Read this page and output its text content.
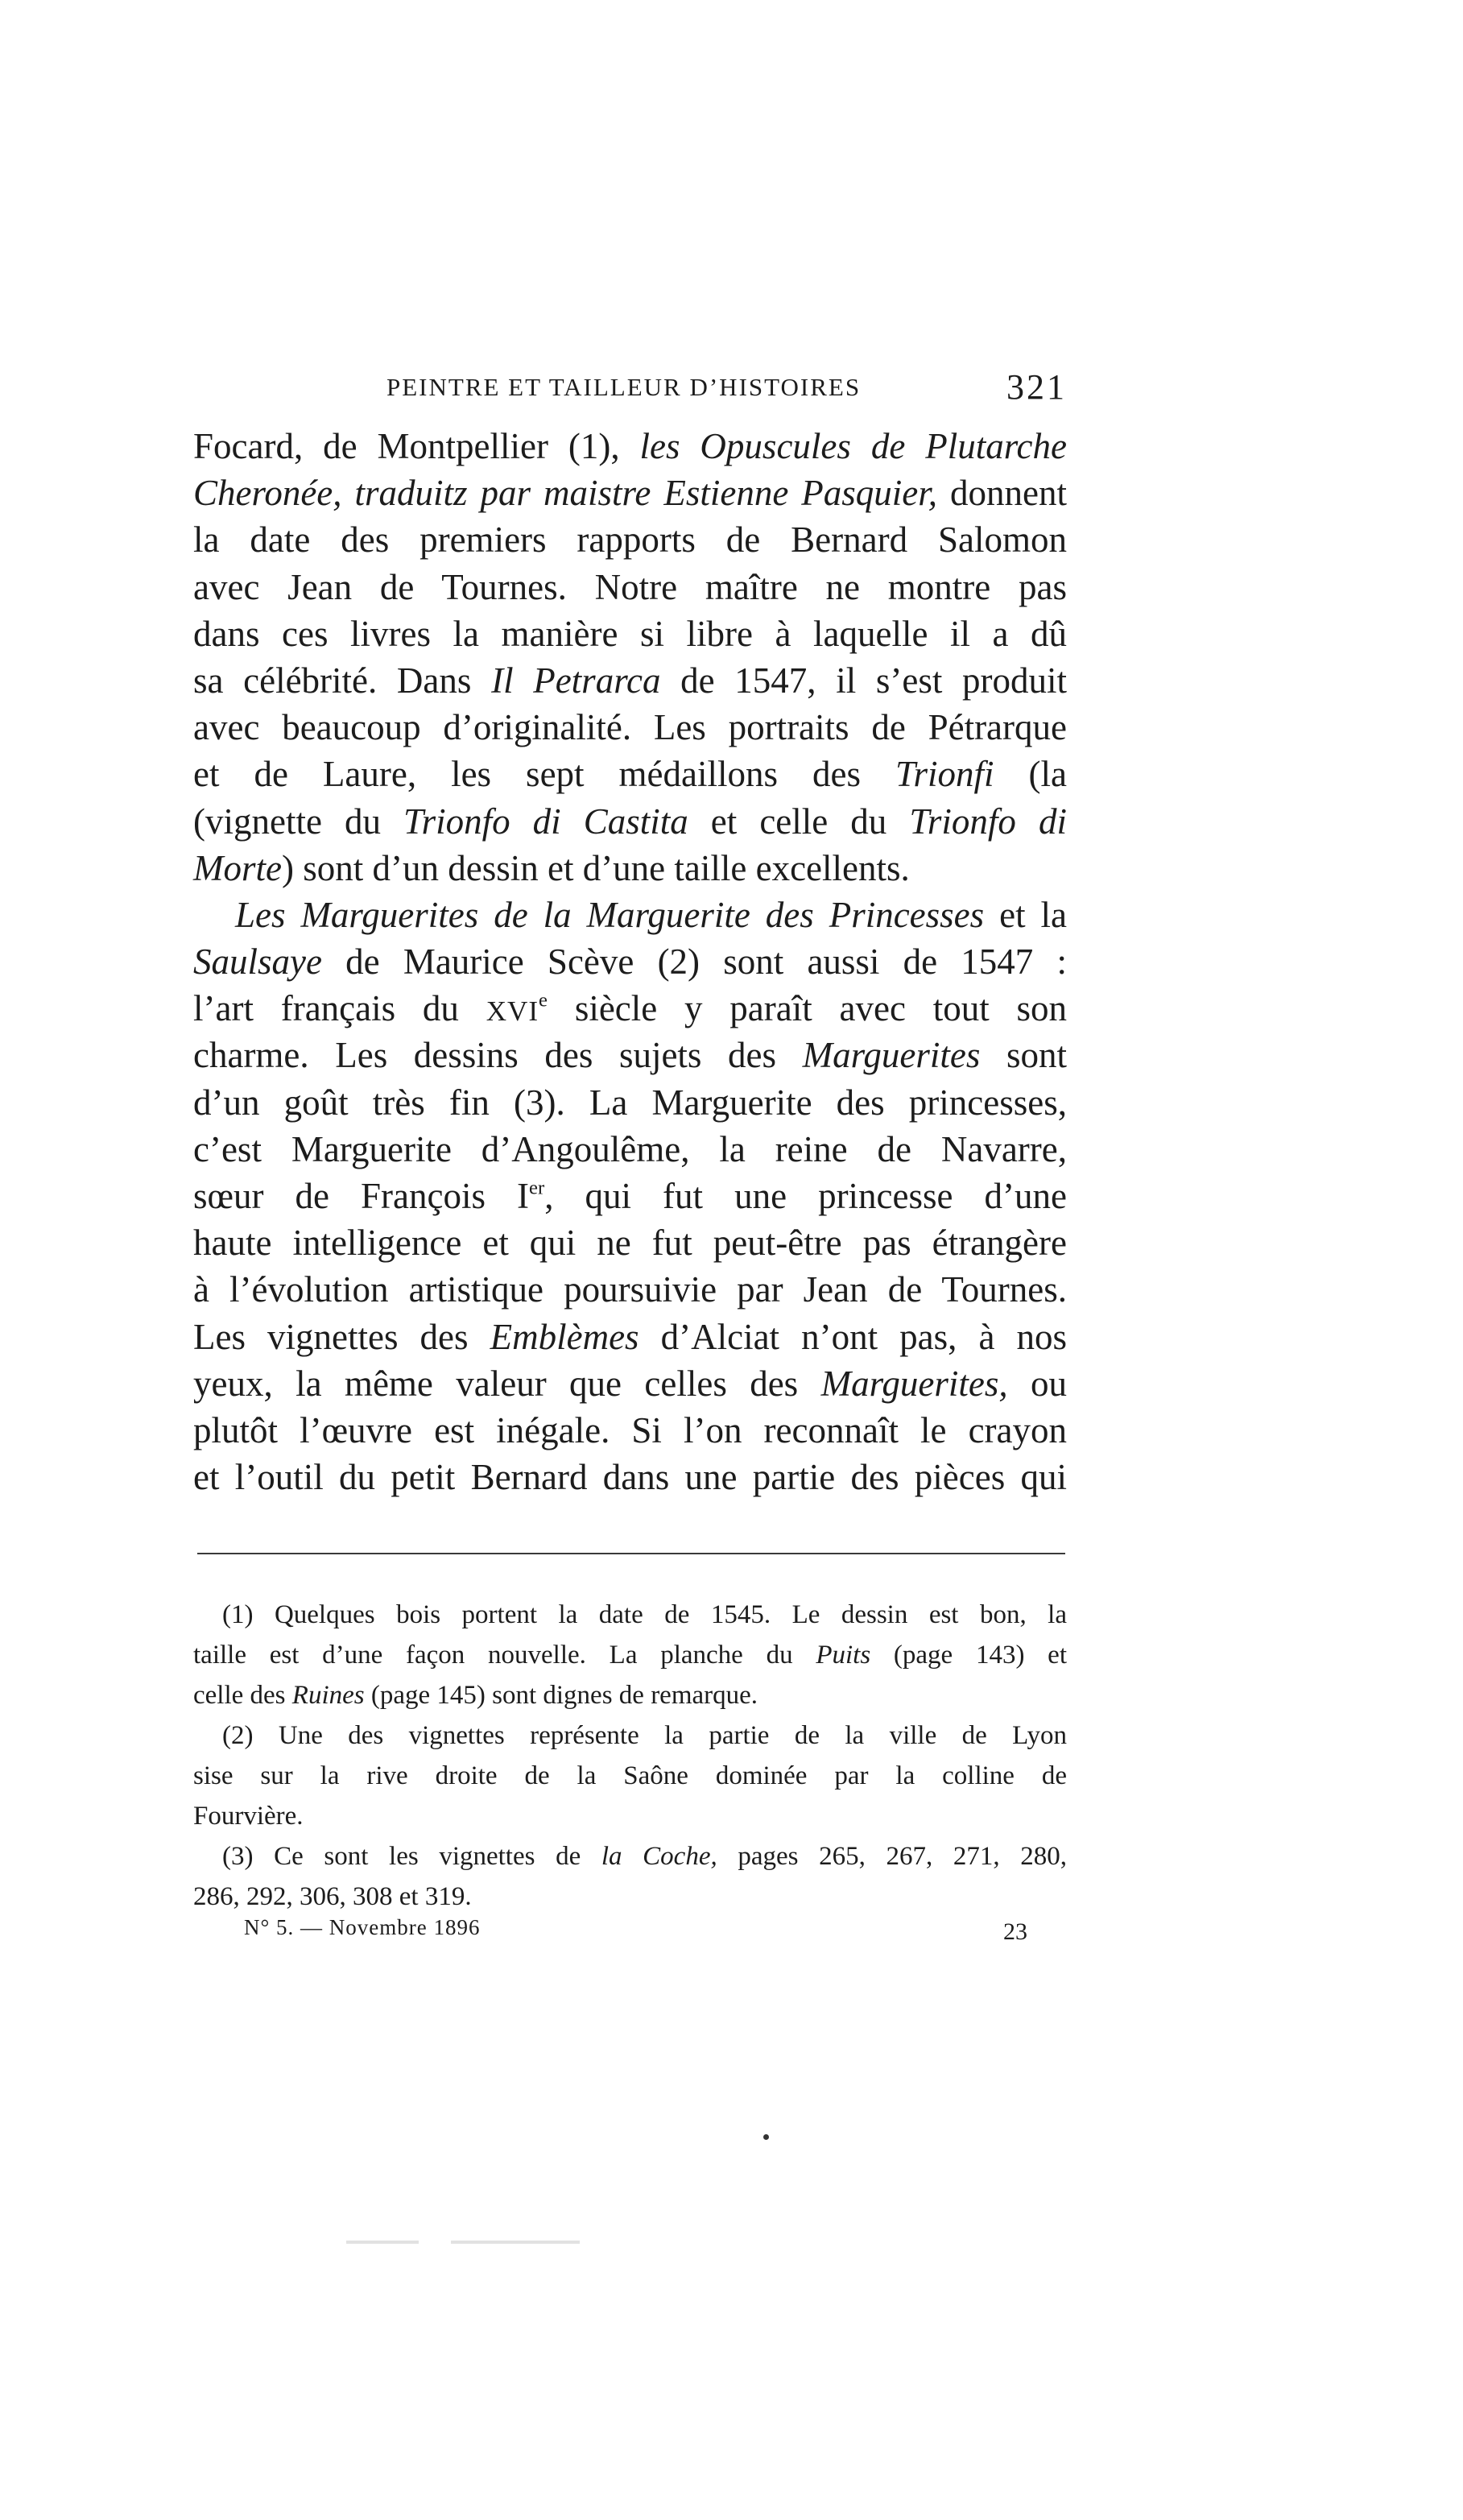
PEINTRE ET TAILLEUR D’HISTOIRES	321
Focard, de Montpellier (1), les Opuscules de Plutarche
Cheronée, traduitz par maistre Estienne Pasquier, donnent
la date des premiers rapports de Bernard Salomon
avec Jean de Tournes. Notre maître ne montre pas
dans ces livres la manière si libre à laquelle il a dû
sa célébrité. Dans Il Petrarca de 1547, il s’est produit
avec beaucoup d’originalité. Les portraits de Pétrarque
et de Laure, les sept médaillons des Trionfi (la
(vignette du Trionfo di Castita et celle du Trionfo di
Morte) sont d’un dessin et d’une taille excellents.
Les Marguerites de la Marguerite des Princesses et la
Saulsaye de Maurice Scève (2) sont aussi de 1547 :
l’art français du XVIe siècle y paraît avec tout son
charme. Les dessins des sujets des Marguerites sont
d’un goût très fin (3). La Marguerite des princesses,
c’est Marguerite d’Angoulême, la reine de Navarre,
sœur de François Ier, qui fut une princesse d’une
haute intelligence et qui ne fut peut-être pas étrangère
à l’évolution artistique poursuivie par Jean de Tournes.
Les vignettes des Emblèmes d’Alciat n’ont pas, à nos
yeux, la même valeur que celles des Marguerites, ou
plutôt l’œuvre est inégale. Si l’on reconnaît le crayon
et l’outil du petit Bernard dans une partie des pièces qui
(1) Quelques bois portent la date de 1545. Le dessin est bon, la
taille est d’une façon nouvelle. La planche du Puits (page 143) et
celle des Ruines (page 145) sont dignes de remarque.
(2) Une des vignettes représente la partie de la ville de Lyon
sise sur la rive droite de la Saône dominée par la colline de
Fourvière.
(3) Ce sont les vignettes de la Coche, pages 265, 267, 271, 280,
286, 292, 306, 308 et 319.
N° 5. — Novembre 1896	23
